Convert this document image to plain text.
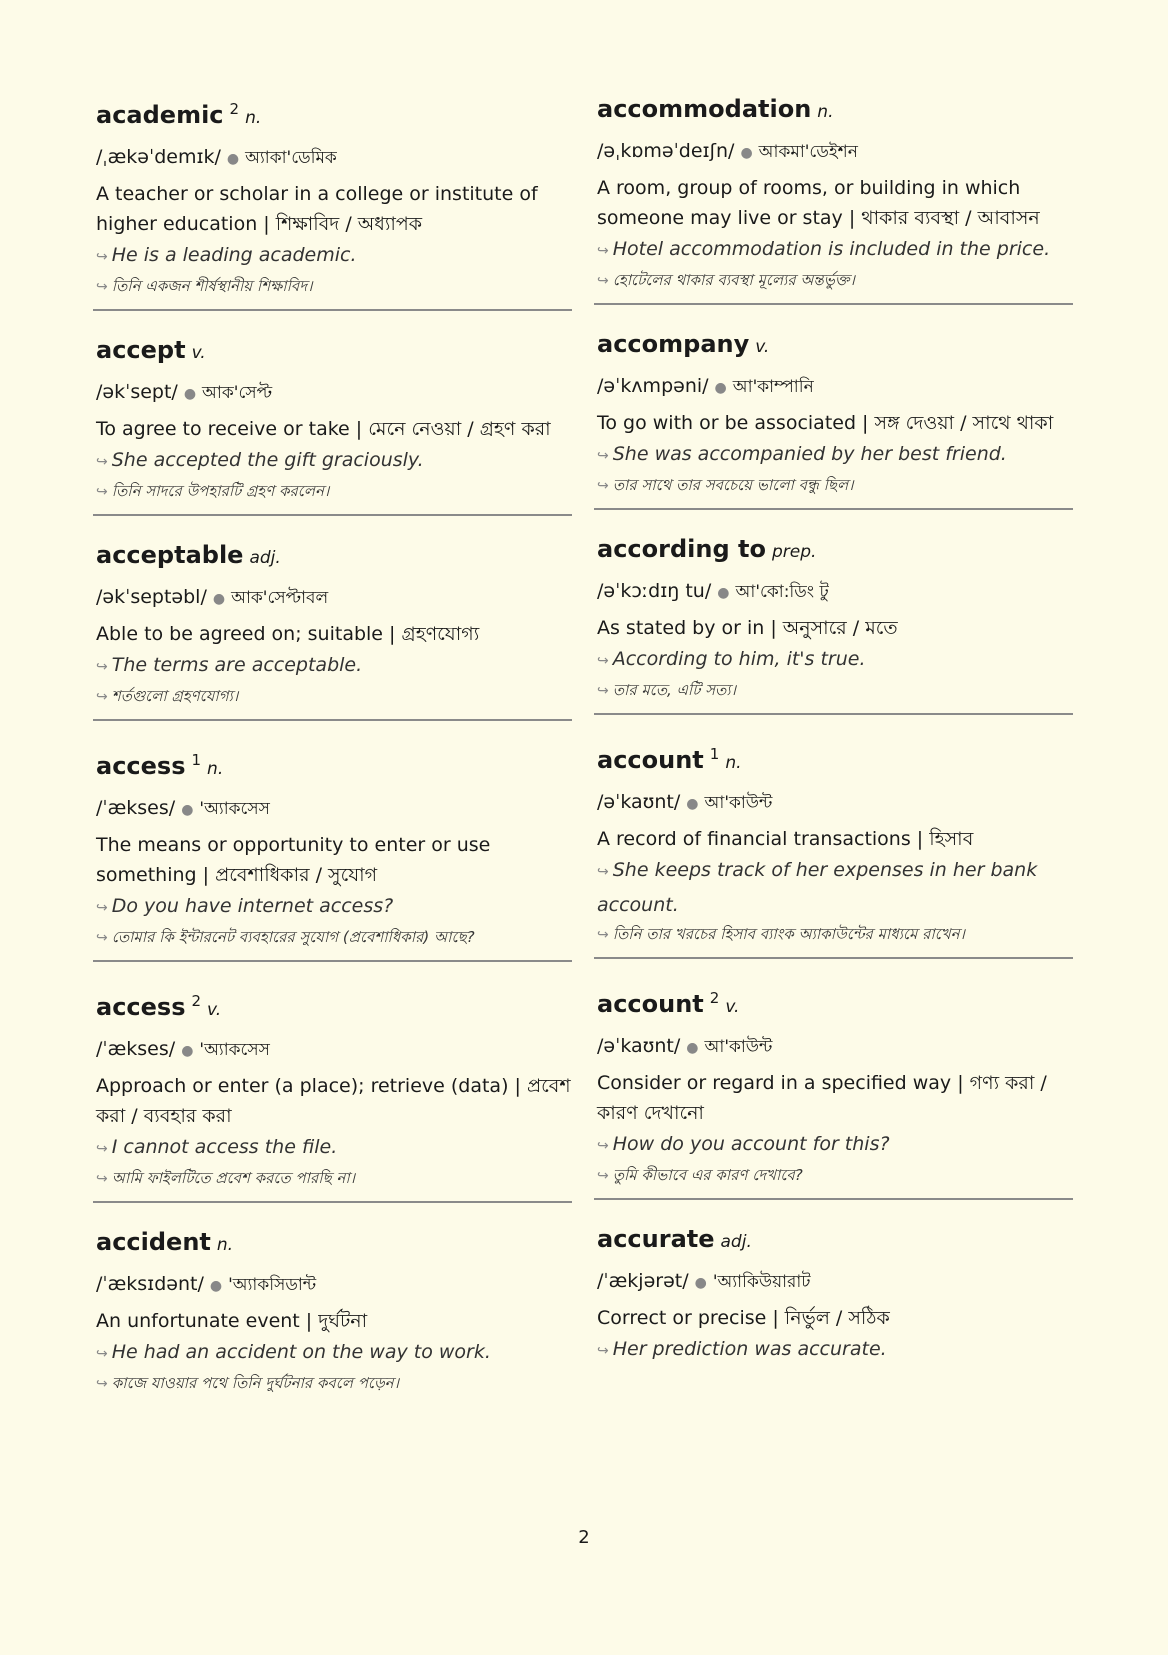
academic $^2$ n.
/ˌækəˈdemɪk/ ● অ্যাকা'ডেমিক
A teacher or scholar in a college or institute of higher education | শিক্ষাবিদ / অধ্যাপক
↪ He is a leading academic.
↪ তিনি একজন শীর্ষস্থানীয় শিক্ষাবিদ।
accept v.
/əkˈsept/ ● আক'সেপ্ট
To agree to receive or take | মেনে নেওয়া / গ্রহণ করা
↪ She accepted the gift graciously.
↪ তিনি সাদরে উপহারটি গ্রহণ করলেন।
acceptable adj.
/əkˈseptəbl/ ● আক'সেপ্টাবল
Able to be agreed on; suitable | গ্রহণযোগ্য
↪ The terms are acceptable.
↪ শর্তগুলো গ্রহণযোগ্য।
access $^1$ n.
/ˈækses/ ● 'অ্যাকসেস
The means or opportunity to enter or use something | প্রবেশাধিকার / সুযোগ
↪ Do you have internet access?
↪ তোমার কি ইন্টারনেট ব্যবহারের সুযোগ (প্রবেশাধিকার) আছে?
access $^2$ v.
/ˈækses/ ● 'অ্যাকসেস
Approach or enter (a place); retrieve (data) | প্রবেশ করা / ব্যবহার করা
↪ I cannot access the file.
↪ আমি ফাইলটিতে প্রবেশ করতে পারছি না।
accident n.
/ˈæksɪdənt/ ● 'অ্যাকসিডান্ট
An unfortunate event | দুর্ঘটনা
↪ He had an accident on the way to work.
↪ কাজে যাওয়ার পথে তিনি দুর্ঘটনার কবলে পড়েন।
accommodation n.
/əˌkɒməˈdeɪʃn/ ● আকমা'ডেইশন
A room, group of rooms, or building in which someone may live or stay | থাকার ব্যবস্থা / আবাসন
↪ Hotel accommodation is included in the price.
↪ হোটেলের থাকার ব্যবস্থা মূল্যের অন্তর্ভুক্ত।
accompany v.
/əˈkʌmpəni/ ● আ'কাম্পানি
To go with or be associated | সঙ্গ দেওয়া / সাথে থাকা
↪ She was accompanied by her best friend.
↪ তার সাথে তার সবচেয়ে ভালো বন্ধু ছিল।
according to prep.
/əˈkɔːdɪŋ tu/ ● আ'কো:ডিং টু
As stated by or in | অনুসারে / মতে
↪ According to him, it's true.
↪ তার মতে, এটি সত্য।
account $^1$ n.
/əˈkaʊnt/ ● আ'কাউন্ট
A record of financial transactions | হিসাব
↪ She keeps track of her expenses in her bank account.
↪ তিনি তার খরচের হিসাব ব্যাংক অ্যাকাউন্টের মাধ্যমে রাখেন।
account $^2$ v.
/əˈkaʊnt/ ● আ'কাউন্ট
Consider or regard in a specified way | গণ্য করা / কারণ দেখানো
↪ How do you account for this?
↪ তুমি কীভাবে এর কারণ দেখাবে?
accurate adj.
/ˈækjərət/ ● 'অ্যাকিউয়ারাট
Correct or precise | নির্ভুল / সঠিক
↪ Her prediction was accurate.
2
